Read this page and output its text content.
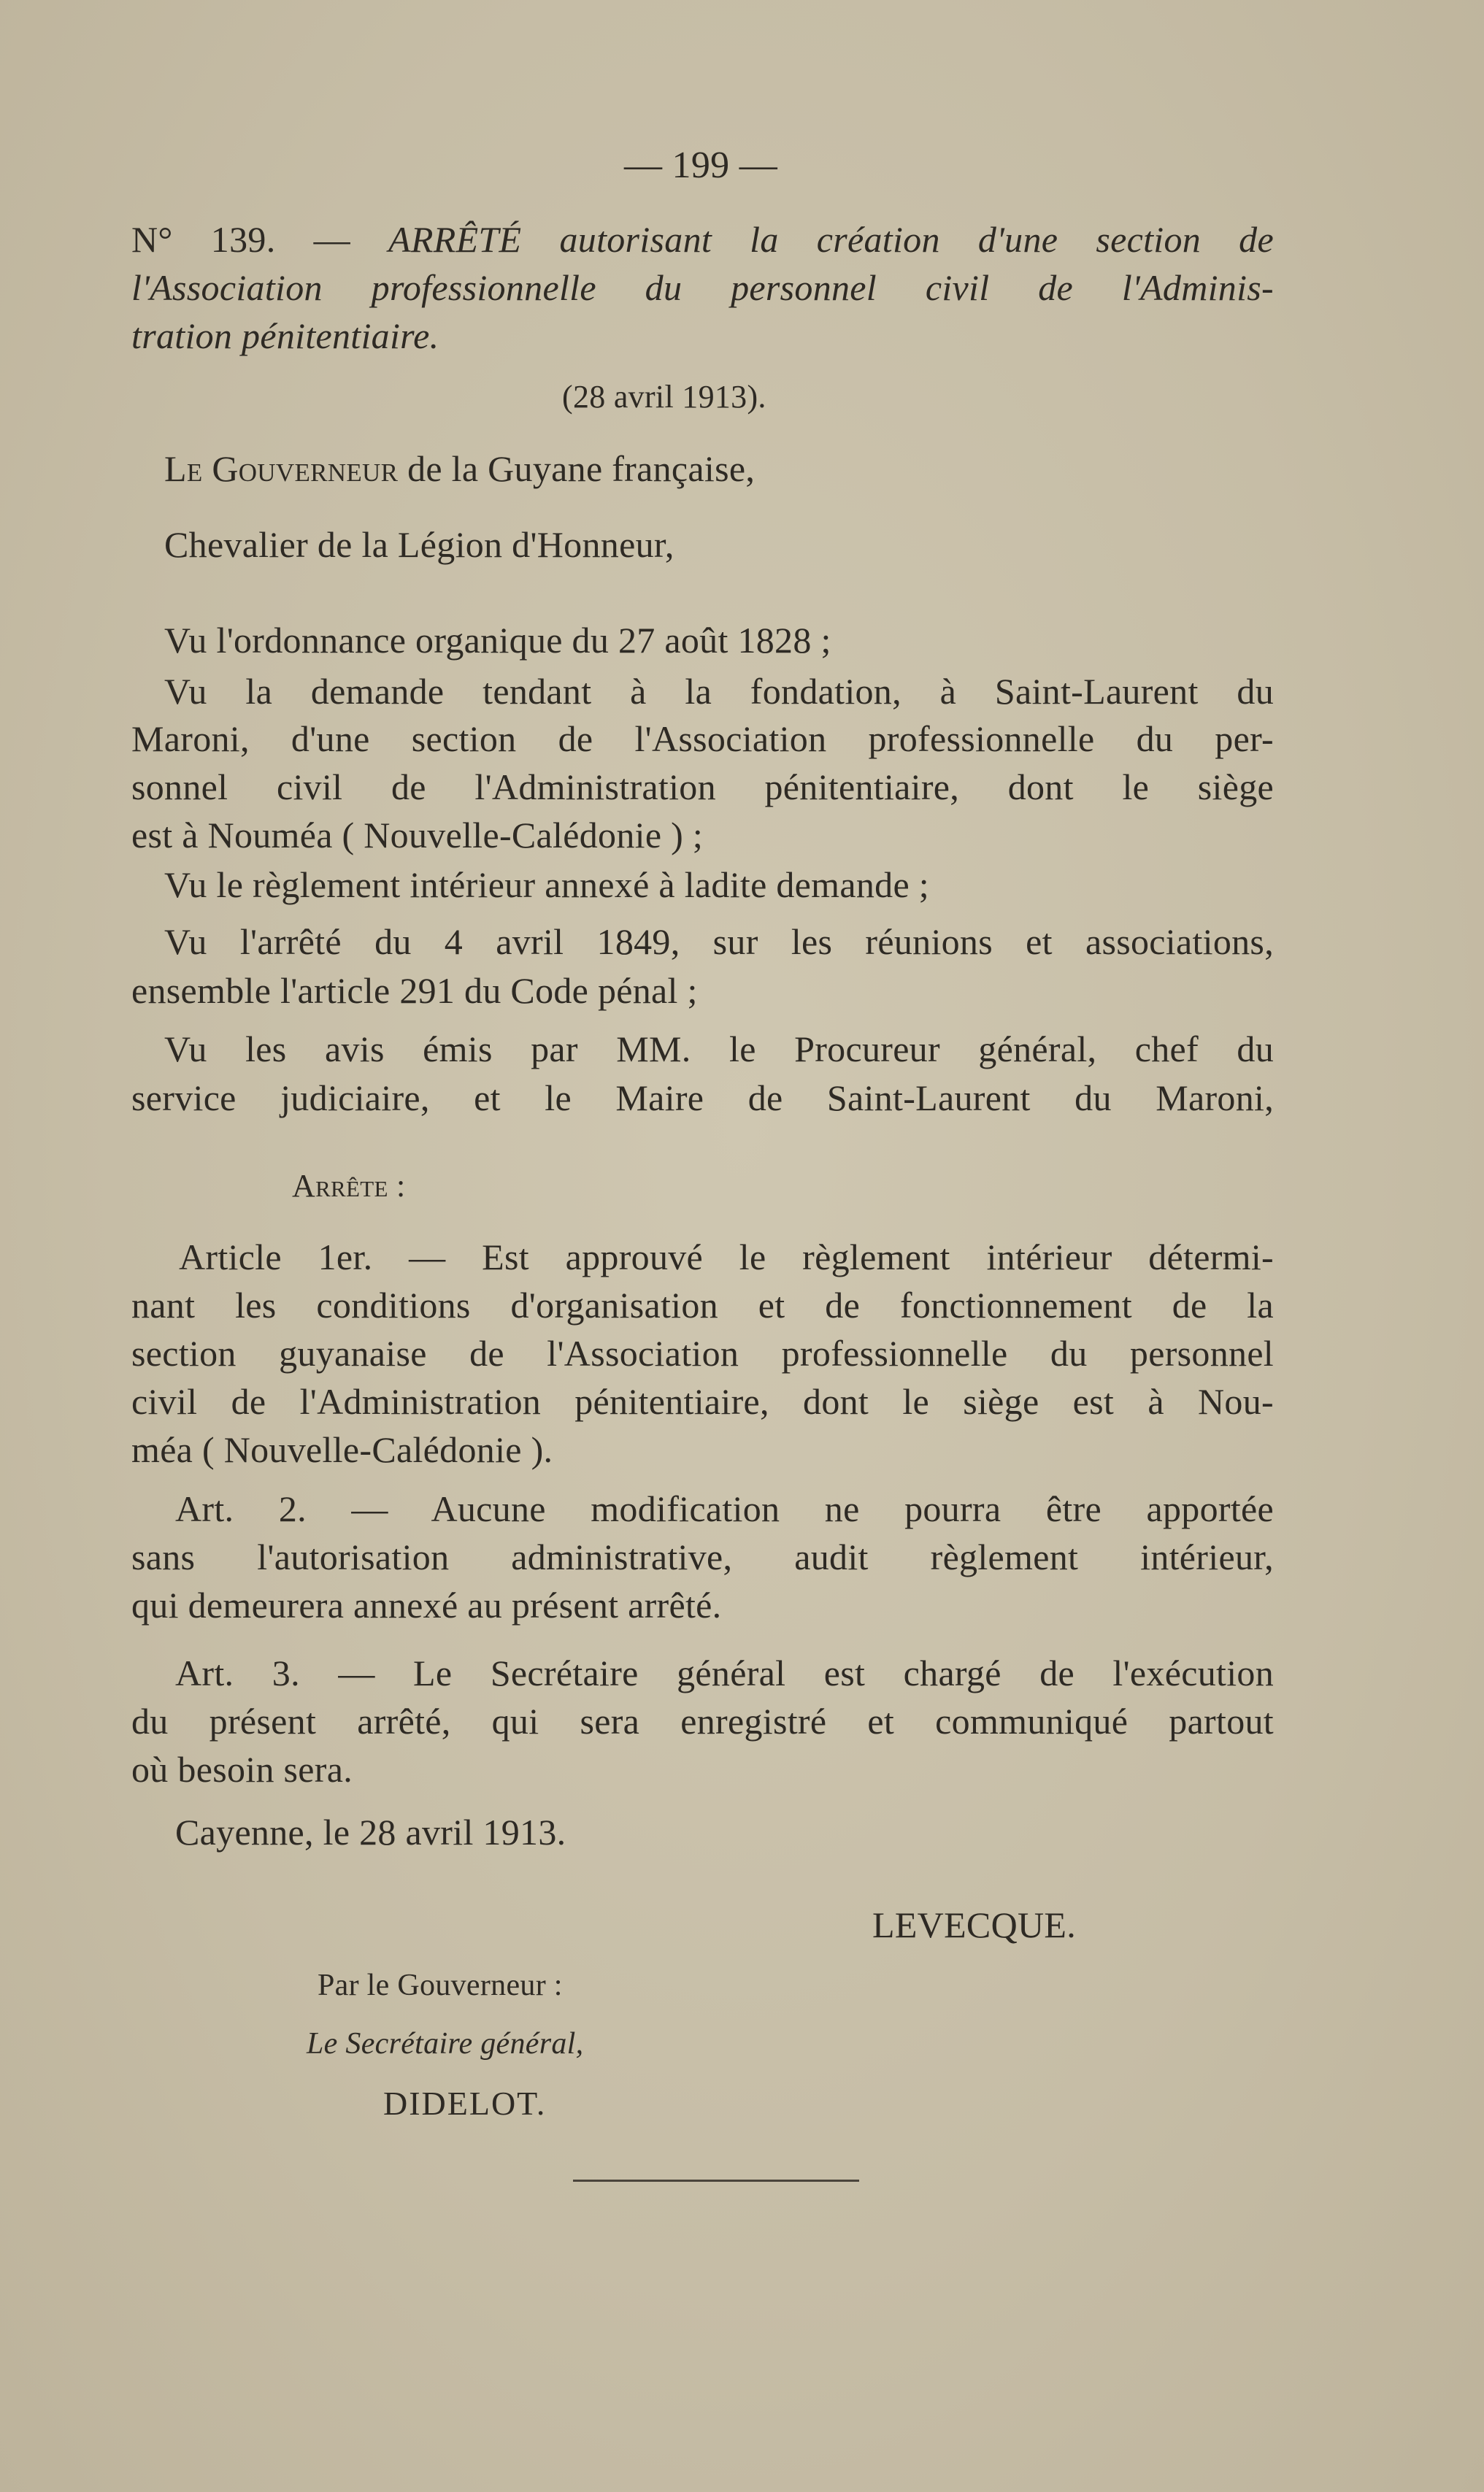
— 199 —
N° 139. — ARRÊTÉ autorisant la création d'une section de
l'Association professionnelle du personnel civil de l'Adminis-
tration pénitentiaire.
(28 avril 1913).
Le Gouverneur de la Guyane française,
Chevalier de la Légion d'Honneur,
Vu l'ordonnance organique du 27 août 1828 ;
Vu la demande tendant à la fondation, à Saint-Laurent du
Maroni, d'une section de l'Association professionnelle du per-
sonnel civil de l'Administration pénitentiaire, dont le siège
est à Nouméa ( Nouvelle-Calédonie ) ;
Vu le règlement intérieur annexé à ladite demande ;
Vu l'arrêté du 4 avril 1849, sur les réunions et associations,
ensemble l'article 291 du Code pénal ;
Vu les avis émis par MM. le Procureur général, chef du
service judiciaire, et le Maire de Saint-Laurent du Maroni,
Arrête :
Article 1er. — Est approuvé le règlement intérieur détermi-
nant les conditions d'organisation et de fonctionnement de la
section guyanaise de l'Association professionnelle du personnel
civil de l'Administration pénitentiaire, dont le siège est à Nou-
méa ( Nouvelle-Calédonie ).
Art. 2. — Aucune modification ne pourra être apportée
sans l'autorisation administrative, audit règlement intérieur,
qui demeurera annexé au présent arrêté.
Art. 3. — Le Secrétaire général est chargé de l'exécution
du présent arrêté, qui sera enregistré et communiqué partout
où besoin sera.
Cayenne, le 28 avril 1913.
LEVECQUE.
Par le Gouverneur :
Le Secrétaire général,
DIDELOT.
